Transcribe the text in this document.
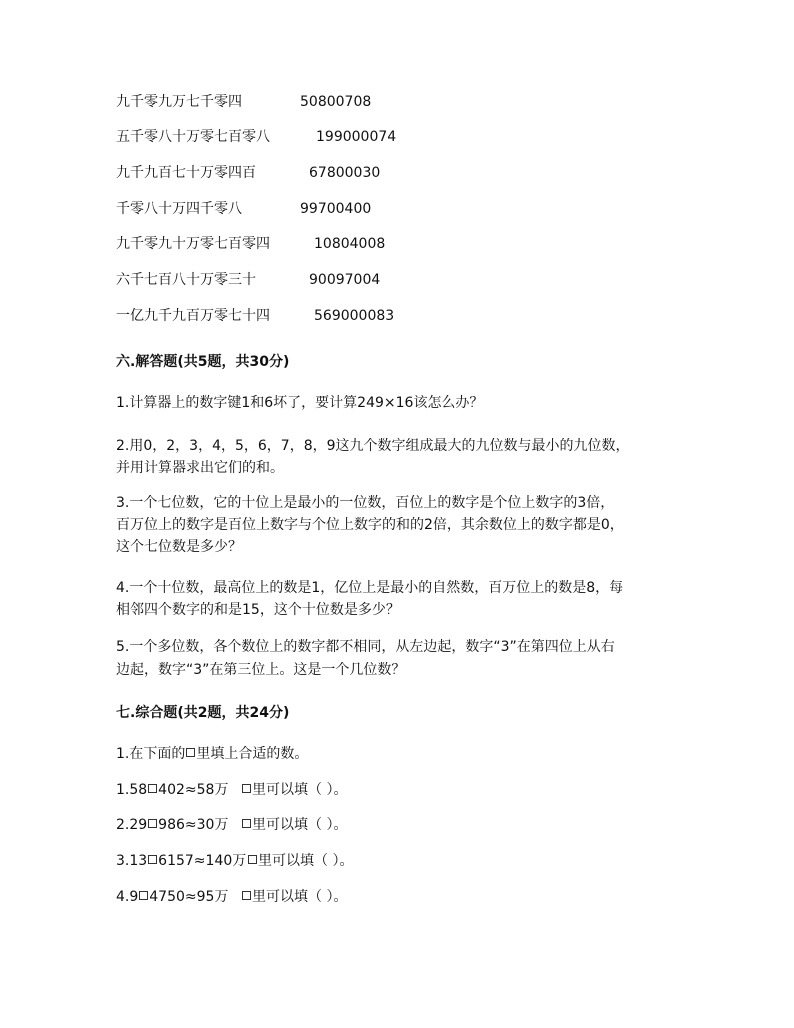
九千零九万七千零四	50800708
五千零八十万零七百零八	199000074
九千九百七十万零四百	67800030
千零八十万四千零八	99700400
九千零九十万零七百零四	10804008
六千七百八十万零三十	90097004
一亿九千九百万零七十四	569000083
六.解答题(共5题，共30分)
1.计算器上的数字键1和6坏了，要计算249×16该怎么办？
2.用0，2，3，4，5，6，7，8，9这九个数字组成最大的九位数与最小的九位数，
并用计算器求出它们的和。
3.一个七位数，它的十位上是最小的一位数，百位上的数字是个位上数字的3倍，
百万位上的数字是百位上数字与个位上数字的和的2倍，其余数位上的数字都是0，
这个七位数是多少？
4.一个十位数，最高位上的数是1，亿位上是最小的自然数，百万位上的数是8，每
相邻四个数字的和是15，这个十位数是多少？
5.一个多位数，各个数位上的数字都不相同，从左边起，数字“3”在第四位上从右
边起，数字“3”在第三位上。这是一个几位数？
七.综合题(共2题，共24分)
1.在下面的 里填上合适的数。
1.58 402≈58万	里可以填（ ）。
2.29 986≈30万	里可以填（ ）。
3.13 6157≈140万 里可以填（ ）。
4.9 4750≈95万	里可以填（ ）。
